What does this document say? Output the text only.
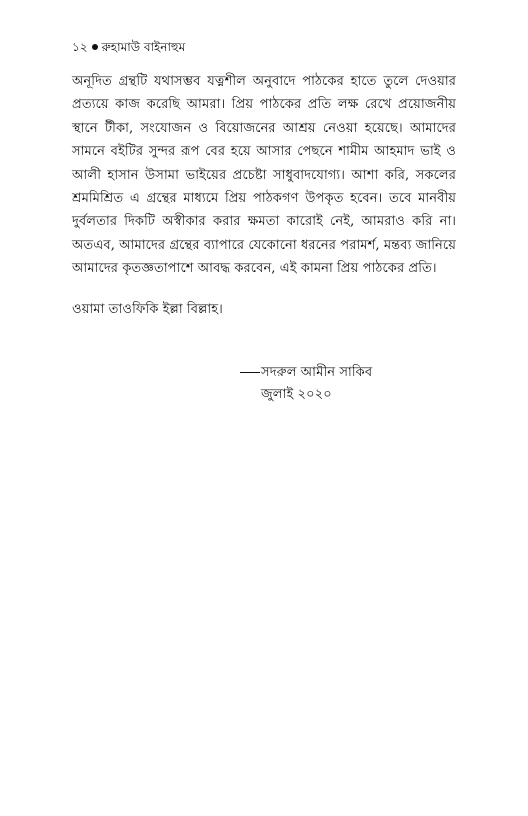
১২ রুহামাউ বাইনাহুম

অনূদিত গ্রন্থটি যথাসম্ভব যত্নশীল অনুবাদে পাঠকের হাতে তুলে দেওয়ার প্রত্যয়ে কাজ করেছি আমরা। প্রিয় পাঠকের প্রতি লক্ষ রেখে প্রয়োজনীয় স্থানে টীকা, সংযোজন ও বিয়োজনের আশ্রয় নেওয়া হয়েছে। আমাদের সামনে বইটির সুন্দর রূপ বের হয়ে আসার পেছনে শামীম আহমাদ ভাই ও আলী হাসান উসামা ভাইয়ের প্রচেষ্টা সাধুবাদযোগ্য। আশা করি, সকলের শ্রমমিশ্রিত এ গ্রন্থের মাধ্যমে প্রিয় পাঠকগণ উপকৃত হবেন। তবে মানবীয় দুর্বলতার দিকটি অস্বীকার করার ক্ষমতা কারোই নেই, আমরাও করি না। অতএব, আমাদের গ্রন্থের ব্যাপারে যেকোনো ধরনের পরামর্শ, মন্তব্য জানিয়ে আমাদের কৃতজ্ঞতাপাশে আবদ্ধ করবেন, এই কামনা প্রিয় পাঠকের প্রতি।

ওয়ামা তাওফিকি ইল্লা বিল্লাহ।
সদরুল আমীন সাকিব
জুলাই ২০২০
